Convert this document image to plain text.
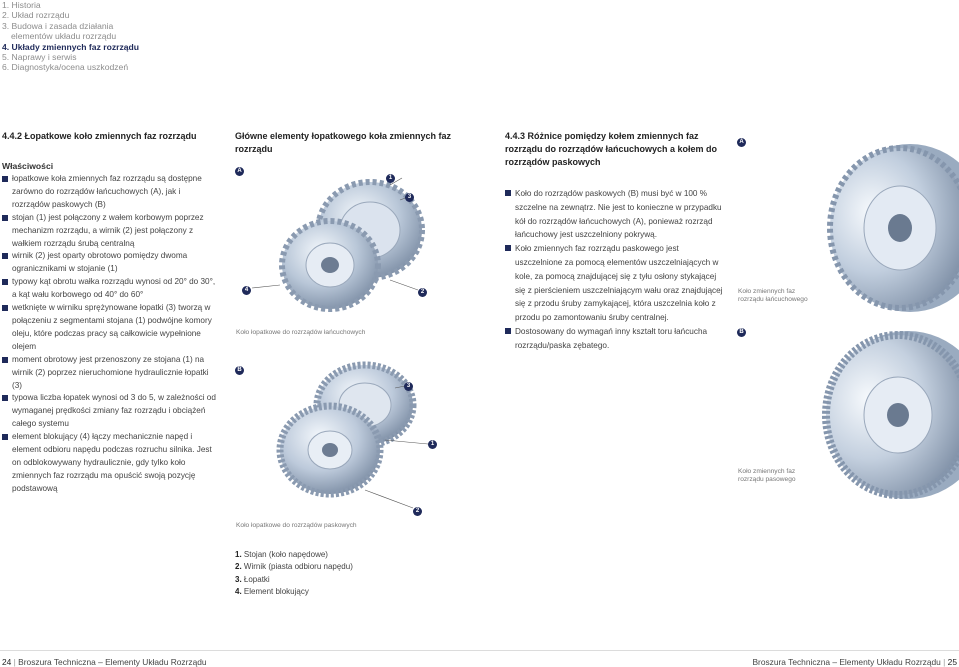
1. Historia
2. Układ rozrządu
3. Budowa i zasada działania
elementów układu rozrządu
4. Układy zmiennych faz rozrządu
5. Naprawy i serwis
6. Diagnostyka/ocena uszkodzeń
4.4.2 Łopatkowe koło zmiennych faz rozrządu
Właściwości
łopatkowe koła zmiennych faz rozrządu są dostępne zarówno do rozrządów łańcuchowych (A), jak i rozrządów paskowych (B)
stojan (1) jest połączony z wałem korbowym poprzez mechanizm rozrządu, a wirnik (2) jest połączony z wałkiem rozrządu śrubą centralną
wirnik (2) jest oparty obrotowo pomiędzy dwoma ogranicznikami w stojanie (1)
typowy kąt obrotu wałka rozrządu wynosi od 20° do 30°, a kąt wału korbowego od 40° do 60°
wetknięte w wirniku sprężynowane łopatki (3) tworzą w połączeniu z segmentami stojana (1) podwójne komory oleju, które podczas pracy są całkowicie wypełnione olejem
moment obrotowy jest przenoszony ze stojana (1) na wirnik (2) poprzez nieruchomione hydraulicznie łopatki (3)
typowa liczba łopatek wynosi od 3 do 5, w zależności od wymaganej prędkości zmiany faz rozrządu i obciążeń całego systemu
element blokujący (4) łączy mechanicznie napęd i element odbioru napędu podczas rozruchu silnika. Jest on odblokowywany hydraulicznie, gdy tylko koło zmiennych faz rozrządu ma opuścić swoją pozycję podstawową
Główne elementy łopatkowego koła zmiennych faz rozrządu
A
1
3
2
4
Koło łopatkowe do rozrządów łańcuchowych
B
3
1
2
Koło łopatkowe do rozrządów paskowych
1. Stojan (koło napędowe)
2. Wirnik (piasta odbioru napędu)
3. Łopatki
4. Element blokujący
4.4.3 Różnice pomiędzy kołem zmiennych faz rozrządu do rozrządów łańcuchowych a kołem do rozrządów paskowych
Koło do rozrządów paskowych (B) musi być w 100 % szczelne na zewnątrz. Nie jest to konieczne w przypadku kół do rozrządów łańcuchowych (A), ponieważ rozrząd łańcuchowy jest uszczelniony pokrywą.
Koło zmiennych faz rozrządu paskowego jest uszczelnione za pomocą elementów uszczelniających w kole, za pomocą znajdującej się z tyłu osłony stykającej się z pierścieniem uszczelniającym wału oraz znajdującej się z przodu śruby zamykającej, która uszczelnia koło z przodu po zamontowaniu śruby centralnej.
Dostosowany do wymagań inny kształt toru łańcucha rozrządu/paska zębatego.
A
Koło zmiennych faz rozrządu łańcuchowego
B
Koło zmiennych faz rozrządu pasowego
24 | Broszura Techniczna – Elementy Układu Rozrządu	Broszura Techniczna – Elementy Układu Rozrządu | 25
